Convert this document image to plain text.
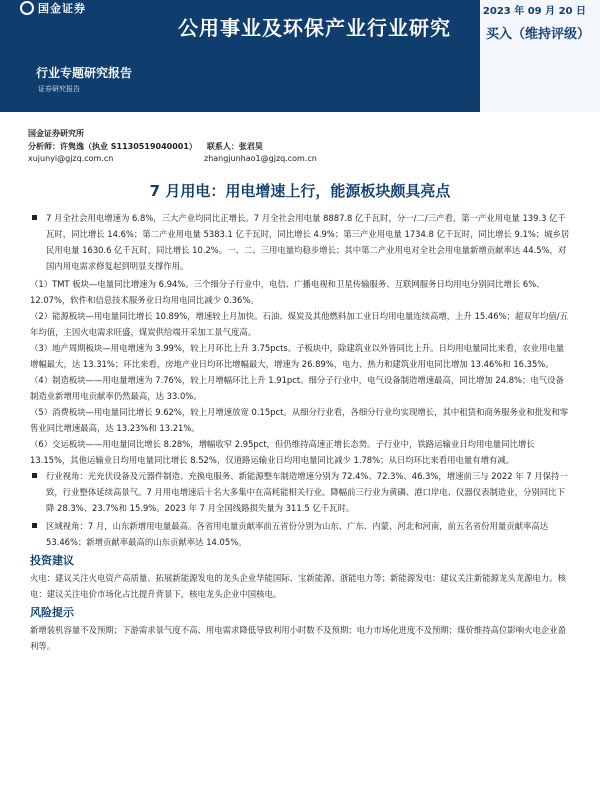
国金证券	2023 年 09 月 20 日
公用事业及环保产业行业研究
行业专题研究报告
证券研究报告
买入（维持评级）
国金证券研究所
分析师：许隽逸（执业 S1130519040001） 联系人：张君昊
xujunyi@gjzq.com.cn	zhangjunhao1@gjzq.com.cn
7 月用电：用电增速上行，能源板块颇具亮点

7 月全社会用电增速为 6.8%，三大产业均同比正增长。7 月全社会用电量 8887.8 亿千瓦时，分一/二/三产看，第一产业用电量 139.3 亿千瓦时，同比增长 14.6%；第二产业用电量 5383.1 亿千瓦时，同比增长 4.9%；第三产业用电量 1734.8 亿千瓦时，同比增长 9.1%；城乡居民用电量 1630.6 亿千瓦时，同比增长 10.2%。一、二、三用电量均稳步增长；其中第二产业用电对全社会用电量新增贡献率达 44.5%，对国内用电需求修复起到明显支撑作用。

（1）TMT 板块—电量同比增速为 6.94%。三个细分子行业中，电信、广播电视和卫星传输服务、互联网服务日均用电分别同比增长 6%、12.07%，软件和信息技术服务业日均用电同比减少 0.36%。

（2）能源板块—用电量同比增长 10.89%，增速较上月加快。石油、煤炭及其他燃料加工业日均用电量连续高增，上升 15.46%；超双年均值/五年均值，主因火电需求旺盛，煤炭供给端开采加工景气度高。

（3）地产周期板块—用电增速为 3.99%，较上月环比上升 3.75pcts。子板块中，除建筑业以外皆同比上升。日均用电量同比来看，农业用电量增幅最大，达 13.31%；环比来看，房地产业日均环比增幅最大，增速为 26.89%，电力、热力和建筑业用电同比增加 13.46%和 16.35%。

（4）制造板块——用电量增速为 7.76%，较上月增幅环比上升 1.91pct。细分子行业中，电气设备制造增速最高，同比增加 24.8%；电气设备制造业新增用电贡献率仍然最高，达 33.0%。

（5）消费板块—用电量同比增长 9.62%，较上月增速放宽 0.15pct。从细分行业看，各细分行业均实现增长，其中租赁和商务服务业和批发和零售业同比增速最高，达 13.23%和 13.21%。

（6）交运板块——用电量同比增长 8.28%，增幅收窄 2.95pct，但仍维持高速正增长态势。子行业中，铁路运输业日均用电量同比增长 13.15%，其他运输业日均用电量同比增长 8.52%，仅道路运输业日均用电量同比减少 1.78%；从日均环比来看用电量有增有减。

行业视角：光充伏设备及元器件制造、充换电服务、新能源整车制造增速分别为 72.4%、72.3%、46.3%，增速前三与 2022 年 7 月保持一致，行业整体延续高景气。7 月用电增速后十名大多集中在高耗能相关行业。降幅前三行业为黄磷、港口岸电、仪器仪表制造业，分别同比下降 28.3%、23.7%和 15.9%。2023 年 7 月全国线路损失量为 311.5 亿千瓦时。

区域视角：7 月，山东新增用电量最高。各省用电量贡献率前五省份分别为山东、广东、内蒙、河北和河南，前五名省份用量贡献率高达 53.46%；新增贡献率最高的山东贡献率达 14.05%。

投资建议

火电：建议关注火电资产高质量、拓展新能源发电的龙头企业华能国际、宝新能源、浙能电力等；新能源发电：建议关注新能源龙头龙源电力。核电：建议关注电价市场化占比提升背景下，核电龙头企业中国核电。

风险提示

新增装机容量不及预期；下游需求景气度不高、用电需求降低导致利用小时数不及预期；电力市场化进度不及预期；煤价维持高位影响火电企业盈利等。
